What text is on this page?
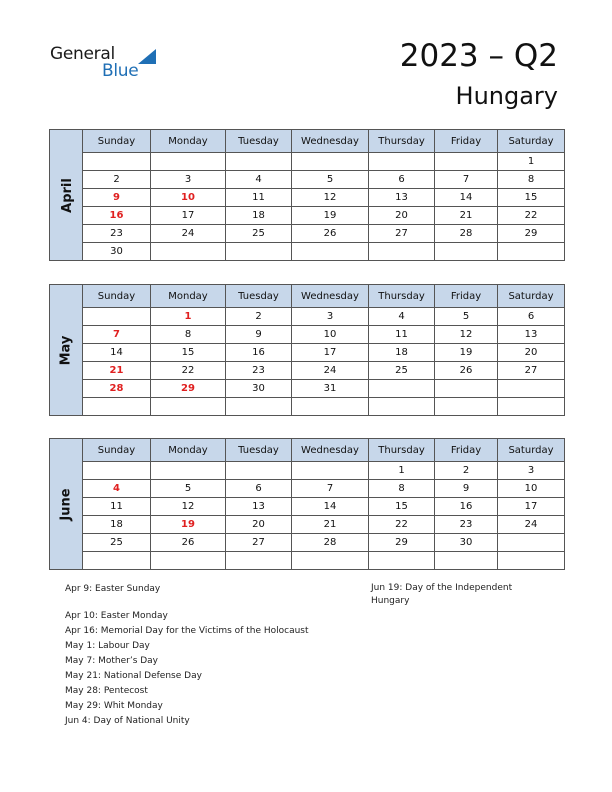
General
Blue	2023 – Q2
Hungary
April	Sunday	Monday	Tuesday	Wednesday	Thursday	Friday	Saturday
							1
	2	3	4	5	6	7	8
	9	10	11	12	13	14	15
	16	17	18	19	20	21	22
	23	24	25	26	27	28	29
	30						
May	Sunday	Monday	Tuesday	Wednesday	Thursday	Friday	Saturday
		1	2	3	4	5	6
	7	8	9	10	11	12	13
	14	15	16	17	18	19	20
	21	22	23	24	25	26	27
	28	29	30	31			

June	Sunday	Monday	Tuesday	Wednesday	Thursday	Friday	Saturday
					1	2	3
	4	5	6	7	8	9	10
	11	12	13	14	15	16	17
	18	19	20	21	22	23	24
	25	26	27	28	29	30	

Apr 9: Easter Sunday
Apr 10: Easter Monday
Apr 16: Memorial Day for the Victims of the Holocaust
May 1: Labour Day
May 7: Mother’s Day
May 21: National Defense Day
May 28: Pentecost
May 29: Whit Monday
Jun 4: Day of National Unity
Jun 19: Day of the Independent Hungary
